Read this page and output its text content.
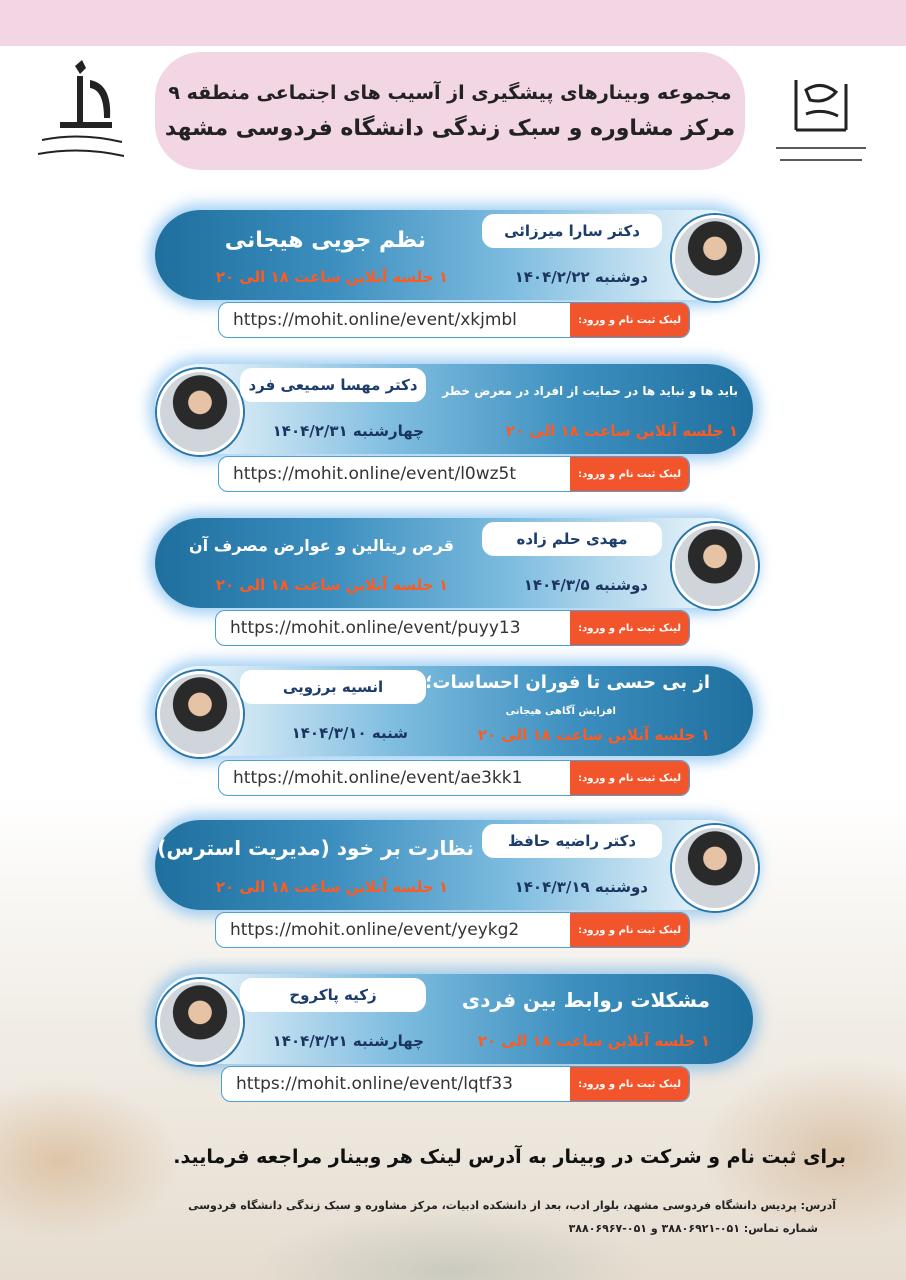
مجموعه وبینارهای پیشگیری از آسیب های اجتماعی منطقه ۹
مرکز مشاوره و سبک زندگی دانشگاه فردوسی مشهد
دکتر سارا میرزائی
نظم جویی هیجانی
دوشنبه ۱۴۰۴/۲/۲۲
۱ جلسه آنلاین ساعت ۱۸ الی ۲۰
https://mohit.online/event/xkjmbl	لینک ثبت نام و ورود:
دکتر مهسا سمیعی فرد	باید ها و نباید ها در حمایت از افراد در معرض خطر
۱ جلسه آنلاین ساعت ۱۸ الی ۲۰
چهارشنبه ۱۴۰۴/۲/۳۱
https://mohit.online/event/l0wz5t	لینک ثبت نام و ورود:
مهدی حلم زاده
قرص ریتالین و عوارض مصرف آن
دوشنبه ۱۴۰۴/۳/۵
۱ جلسه آنلاین ساعت ۱۸ الی ۲۰
https://mohit.online/event/puyy13	لینک ثبت نام و ورود:
انسیه برزویی	از بی حسی تا فوران احساسات؛
افزایش آگاهی هیجانی
۱ جلسه آنلاین ساعت ۱۸ الی ۲۰
شنبه ۱۴۰۴/۳/۱۰
https://mohit.online/event/ae3kk1	لینک ثبت نام و ورود:
دکتر راضیه حافظ
نظارت بر خود (مدیریت استرس)
دوشنبه ۱۴۰۴/۳/۱۹
۱ جلسه آنلاین ساعت ۱۸ الی ۲۰
https://mohit.online/event/yeykg2	لینک ثبت نام و ورود:
زکیه پاکروح	مشکلات روابط بین فردی
۱ جلسه آنلاین ساعت ۱۸ الی ۲۰
چهارشنبه ۱۴۰۴/۳/۲۱
https://mohit.online/event/lqtf33	لینک ثبت نام و ورود:
برای ثبت نام و شرکت در وبینار به آدرس لینک هر وبینار مراجعه فرمایید.
آدرس: پردیس دانشگاه فردوسی مشهد، بلوار ادب، بعد از دانشکده ادبیات، مرکز مشاوره و سبک زندگی دانشگاه فردوسی
شماره تماس: ۰۵۱-۳۸۸۰۶۹۲۱ و ۰۵۱-۳۸۸۰۶۹۶۷
